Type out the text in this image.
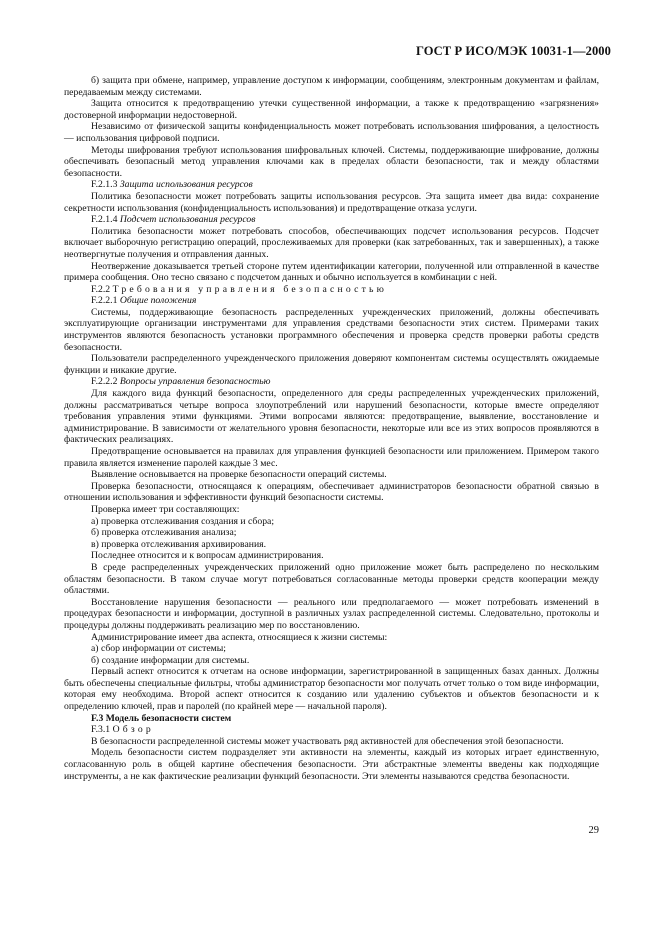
ГОСТ Р ИСО/МЭК 10031-1—2000

б) защита при обмене, например, управление доступом к информации, сообщениям, электронным документам и файлам, передаваемым между системами.

Защита относится к предотвращению утечки существенной информации, а также к предотвращению «загрязнения» достоверной информации недостоверной.

Независимо от физической защиты конфиденциальность может потребовать использования шифрования, а целостность — использования цифровой подписи.

Методы шифрования требуют использования шифровальных ключей. Системы, поддерживающие шифрование, должны обеспечивать безопасный метод управления ключами как в пределах области безопасности, так и между областями безопасности.

F.2.1.3 Защита использования ресурсов

Политика безопасности может потребовать защиты использования ресурсов. Эта защита имеет два вида: сохранение секретности использования (конфиденциальность использования) и предотвращение отказа услуги.

F.2.1.4 Подсчет использования ресурсов

Политика безопасности может потребовать способов, обеспечивающих подсчет использования ресурсов. Подсчет включает выборочную регистрацию операций, прослеживаемых для проверки (как затребованных, так и завершенных), а также неотвергнутые получения и отправления данных.

Неотвержение доказывается третьей стороне путем идентификации категории, полученной или отправленной в качестве примера сообщения. Оно тесно связано с подсчетом данных и обычно используется в комбинации с ней.

F.2.2 Требования управления безопасностью

F.2.2.1 Общие положения

Системы, поддерживающие безопасность распределенных учрежденческих приложений, должны обеспечивать эксплуатирующие организации инструментами для управления средствами безопасности этих систем. Примерами таких инструментов являются безопасность установки программного обеспечения и проверка средств проверки работы средств безопасности.

Пользователи распределенного учрежденческого приложения доверяют компонентам системы осуществлять ожидаемые функции и никакие другие.

F.2.2.2 Вопросы управления безопасностью

Для каждого вида функций безопасности, определенного для среды распределенных учрежденческих приложений, должны рассматриваться четыре вопроса злоупотреблений или нарушений безопасности, которые вместе определяют требования управления этими функциями. Этими вопросами являются: предотвращение, выявление, восстановление и администрирование. В зависимости от желательного уровня безопасности, некоторые или все из этих вопросов проявляются в фактических реализациях.

Предотвращение основывается на правилах для управления функцией безопасности или приложением. Примером такого правила является изменение паролей каждые 3 мес.

Выявление основывается на проверке безопасности операций системы.

Проверка безопасности, относящаяся к операциям, обеспечивает администраторов безопасности обратной связью в отношении использования и эффективности функций безопасности системы.

Проверка имеет три составляющих:

а) проверка отслеживания создания и сбора;

б) проверка отслеживания анализа;

в) проверка отслеживания архивирования.

Последнее относится и к вопросам администрирования.

В среде распределенных учрежденческих приложений одно приложение может быть распределено по нескольким областям безопасности. В таком случае могут потребоваться согласованные методы проверки средств кооперации между областями.

Восстановление нарушения безопасности — реального или предполагаемого — может потребовать изменений в процедурах безопасности и информации, доступной в различных узлах распределенной системы. Следовательно, протоколы и процедуры должны поддерживать реализацию мер по восстановлению.

Администрирование имеет два аспекта, относящиеся к жизни системы:

а) сбор информации от системы;

б) создание информации для системы.

Первый аспект относится к отчетам на основе информации, зарегистрированной в защищенных базах данных. Должны быть обеспечены специальные фильтры, чтобы администратор безопасности мог получать отчет только о том виде информации, которая ему необходима. Второй аспект относится к созданию или удалению субъектов и объектов безопасности и к определению ключей, прав и паролей (по крайней мере — начальной пароля).

F.3 Модель безопасности систем

F.3.1 Обзор

В безопасности распределенной системы может участвовать ряд активностей для обеспечения этой безопасности.

Модель безопасности систем подразделяет эти активности на элементы, каждый из которых играет единственную, согласованную роль в общей картине обеспечения безопасности. Эти абстрактные элементы введены как подходящие инструменты, а не как фактические реализации функций безопасности. Эти элементы называются средства безопасности.

29
